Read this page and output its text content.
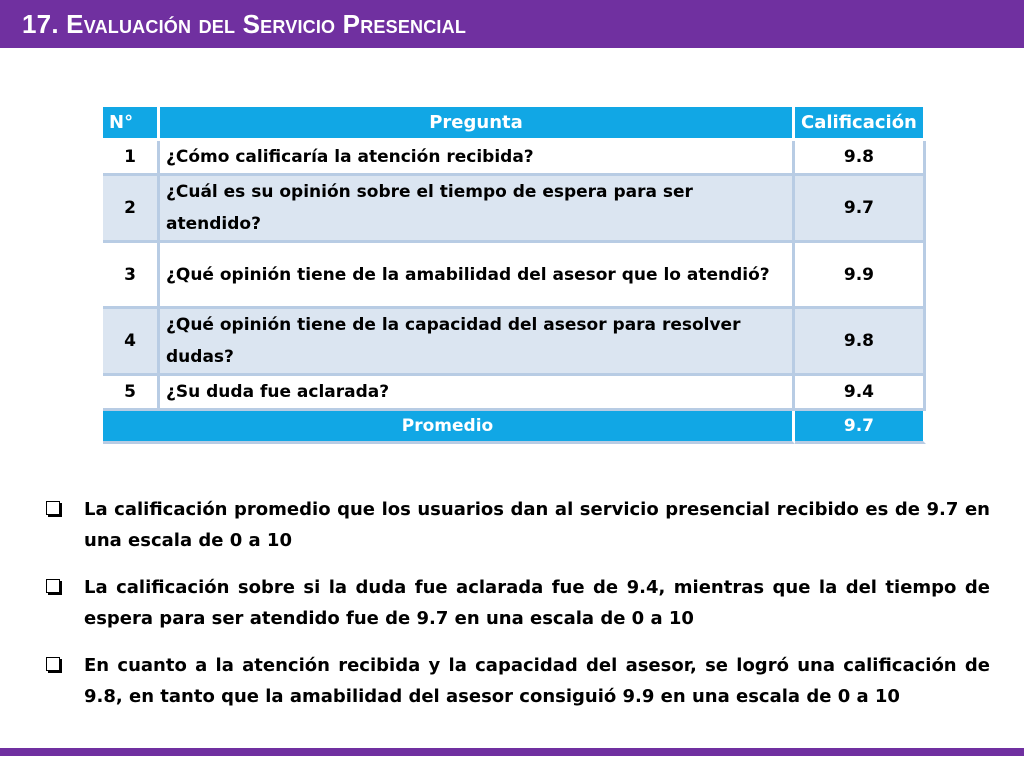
17. Evaluación del Servicio Presencial
N°	Pregunta	Calificación
1	¿Cómo calificaría la atención recibida?	9.8
2	¿Cuál es su opinión sobre el tiempo de espera para ser atendido?	9.7
3	¿Qué opinión tiene de la amabilidad del asesor que lo atendió?	9.9
4	¿Qué opinión tiene de la capacidad del asesor para resolver dudas?	9.8
5	¿Su duda fue aclarada?	9.4
Promedio		9.7
La calificación promedio que los usuarios dan al servicio presencial recibido es de 9.7 en una escala de 0 a 10
La calificación sobre si la duda fue aclarada fue de 9.4, mientras que la del tiempo de espera para ser atendido fue de 9.7 en una escala de 0 a 10
En cuanto a la atención recibida y la capacidad del asesor, se logró una calificación de 9.8, en tanto que la amabilidad del asesor consiguió 9.9 en una escala de 0 a 10
